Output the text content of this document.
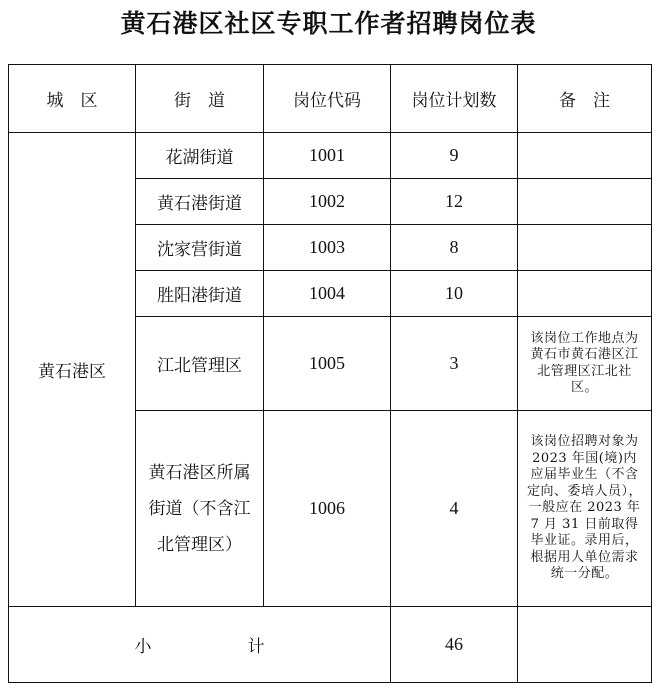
黄石港区社区专职工作者招聘岗位表
城　区	街　道	岗位代码	岗位计划数	备　注
黄石港区	花湖街道	1001	9	
	黄石港街道	1002	12	
	沈家营街道	1003	8	
	胜阳港街道	1004	10	
	江北管理区	1005	3	该岗位工作地点为黄石市黄石港区江北管理区江北社区。
	黄石港区所属街道（不含江北管理区）	1006	4	该岗位招聘对象为 2023 年国(境)内应届毕业生（不含定向、委培人员），一般应在 2023 年 7 月 31 日前取得毕业证。录用后，根据用人单位需求统一分配。
小 计			46	
